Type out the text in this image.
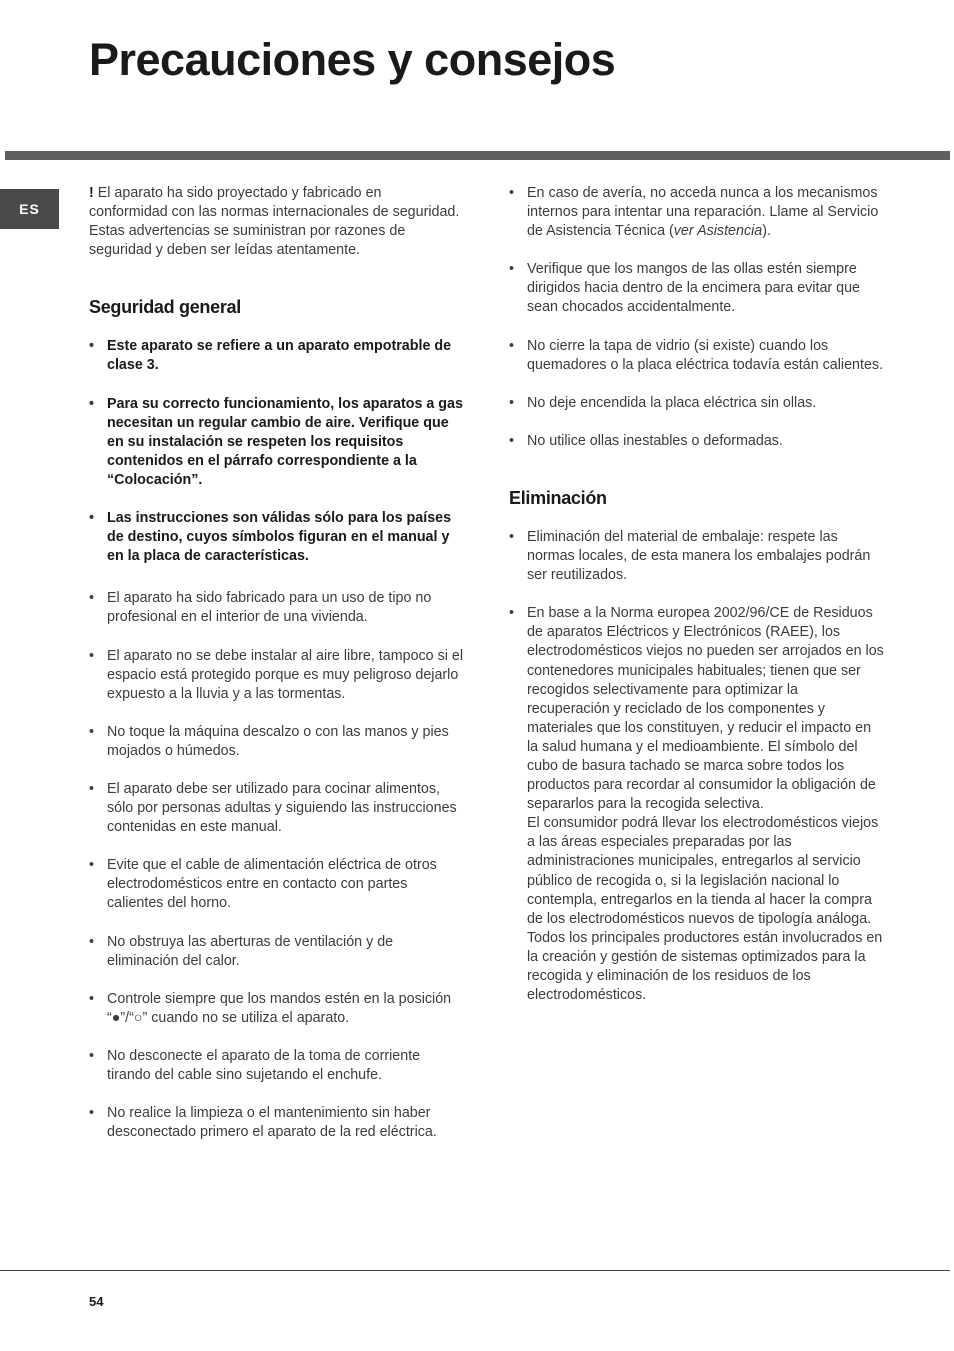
Precauciones y consejos
ES

! El aparato ha sido proyectado y fabricado en conformidad con las normas internacionales de seguridad. Estas advertencias se suministran por razones de seguridad y deben ser leídas atentamente.

Seguridad general
• Este aparato se refiere a un aparato empotrable de clase 3.
• Para su correcto funcionamiento, los aparatos a gas necesitan un regular cambio de aire. Verifique que en su instalación se respeten los requisitos contenidos en el párrafo correspondiente a la “Colocación”.
• Las instrucciones son válidas sólo para los países de destino, cuyos símbolos figuran en el manual y en la placa de características.
• El aparato ha sido fabricado para un uso de tipo no profesional en el interior de una vivienda.
• El aparato no se debe instalar al aire libre, tampoco si el espacio está protegido porque es muy peligroso dejarlo expuesto a la lluvia y a las tormentas.
• No toque la máquina descalzo o con las manos y pies mojados o húmedos.
• El aparato debe ser utilizado para cocinar alimentos, sólo por personas adultas y siguiendo las instrucciones contenidas en este manual.
• Evite que el cable de alimentación eléctrica de otros electrodomésticos entre en contacto con partes calientes del horno.
• No obstruya las aberturas de ventilación y de eliminación del calor.
• Controle siempre que los mandos estén en la posición “●”/“○” cuando no se utiliza el aparato.
• No desconecte el aparato de la toma de corriente tirando del cable sino sujetando el enchufe.
• No realice la limpieza o el mantenimiento sin haber desconectado primero el aparato de la red eléctrica.
• En caso de avería, no acceda nunca a los mecanismos internos para intentar una reparación. Llame al Servicio de Asistencia Técnica (ver Asistencia).
• Verifique que los mangos de las ollas estén siempre dirigidos hacia dentro de la encimera para evitar que sean chocados accidentalmente.
• No cierre la tapa de vidrio (si existe) cuando los quemadores o la placa eléctrica todavía están calientes.
• No deje encendida la placa eléctrica sin ollas.
• No utilice ollas inestables o deformadas.
Eliminación
• Eliminación del material de embalaje: respete las normas locales, de esta manera los embalajes podrán ser reutilizados.

• En base a la Norma europea 2002/96/CE de Residuos de aparatos Eléctricos y Electrónicos (RAEE), los electrodomésticos viejos no pueden ser arrojados en los contenedores municipales habituales; tienen que ser recogidos selectivamente para optimizar la recuperación y reciclado de los componentes y materiales que los constituyen, y reducir el impacto en la salud humana y el medioambiente. El símbolo del cubo de basura tachado se marca sobre todos los productos para recordar al consumidor la obligación de separarlos para la recogida selectiva.

El consumidor podrá llevar los electrodomésticos viejos a las áreas especiales preparadas por las administraciones municipales, entregarlos al servicio público de recogida o, si la legislación nacional lo contempla, entregarlos en la tienda al hacer la compra de los electrodomésticos nuevos de tipología análoga.

Todos los principales productores están involucrados en la creación y gestión de sistemas optimizados para la recogida y eliminación de los residuos de los electrodomésticos.

54
